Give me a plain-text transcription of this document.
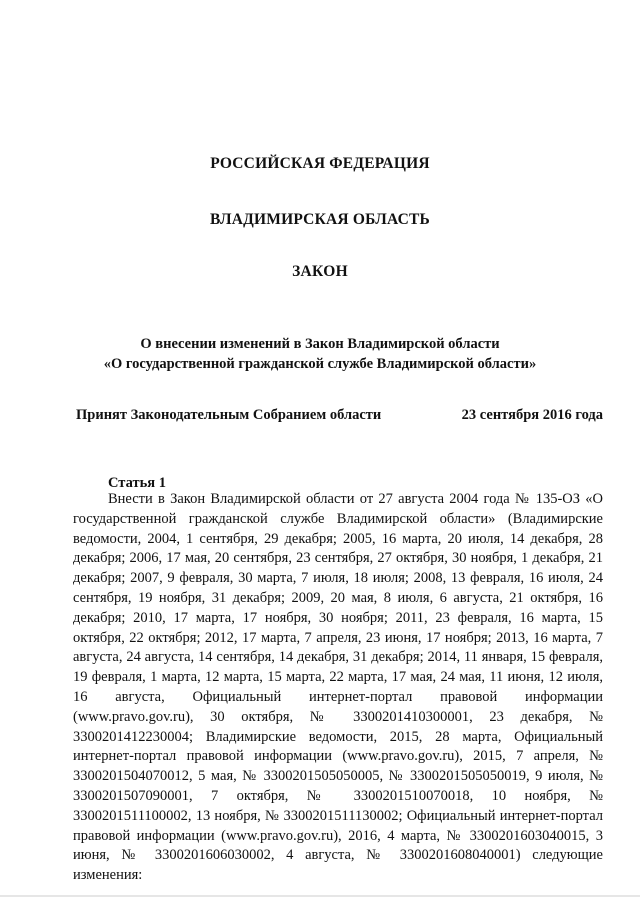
РОССИЙСКАЯ ФЕДЕРАЦИЯ
ВЛАДИМИРСКАЯ ОБЛАСТЬ
ЗАКОН
О внесении изменений в Закон Владимирской области
«О государственной гражданской службе Владимирской области»
Принят Законодательным Собранием области	23 сентября 2016 года
Статья 1
Внести в Закон Владимирской области от 27 августа 2004 года № 135-ОЗ «О государственной гражданской службе Владимирской области» (Владимирские ведомости, 2004, 1 сентября, 29 декабря; 2005, 16 марта, 20 июля, 14 декабря, 28 декабря; 2006, 17 мая, 20 сентября, 23 сентября, 27 октября, 30 ноября, 1 декабря, 21 декабря; 2007, 9 февраля, 30 марта, 7 июля, 18 июля; 2008, 13 февраля, 16 июля, 24 сентября, 19 ноября, 31 декабря; 2009, 20 мая, 8 июля, 6 августа, 21 октября, 16 декабря; 2010, 17 марта, 17 ноября, 30 ноября; 2011, 23 февраля, 16 марта, 15 октября, 22 октября; 2012, 17 марта, 7 апреля, 23 июня, 17 ноября; 2013, 16 марта, 7 августа, 24 августа, 14 сентября, 14 декабря, 31 декабря; 2014, 11 января, 15 февраля, 19 февраля, 1 марта, 12 марта, 15 марта, 22 марта, 17 мая, 24 мая, 11 июня, 12 июля, 16 августа, Официальный интернет-портал правовой информации (www.pravo.gov.ru), 30 октября, № 3300201410300001, 23 декабря, № 3300201412230004; Владимирские ведомости, 2015, 28 марта, Официальный интернет-портал правовой информации (www.pravo.gov.ru), 2015, 7 апреля, № 3300201504070012, 5 мая, № 3300201505050005, № 3300201505050019, 9 июля, № 3300201507090001, 7 октября, № 3300201510070018, 10 ноября, № 3300201511100002, 13 ноября, № 3300201511130002; Официальный интернет-портал правовой информации (www.pravo.gov.ru), 2016, 4 марта, № 3300201603040015, 3 июня, № 3300201606030002, 4 августа, № 3300201608040001) следующие изменения:
